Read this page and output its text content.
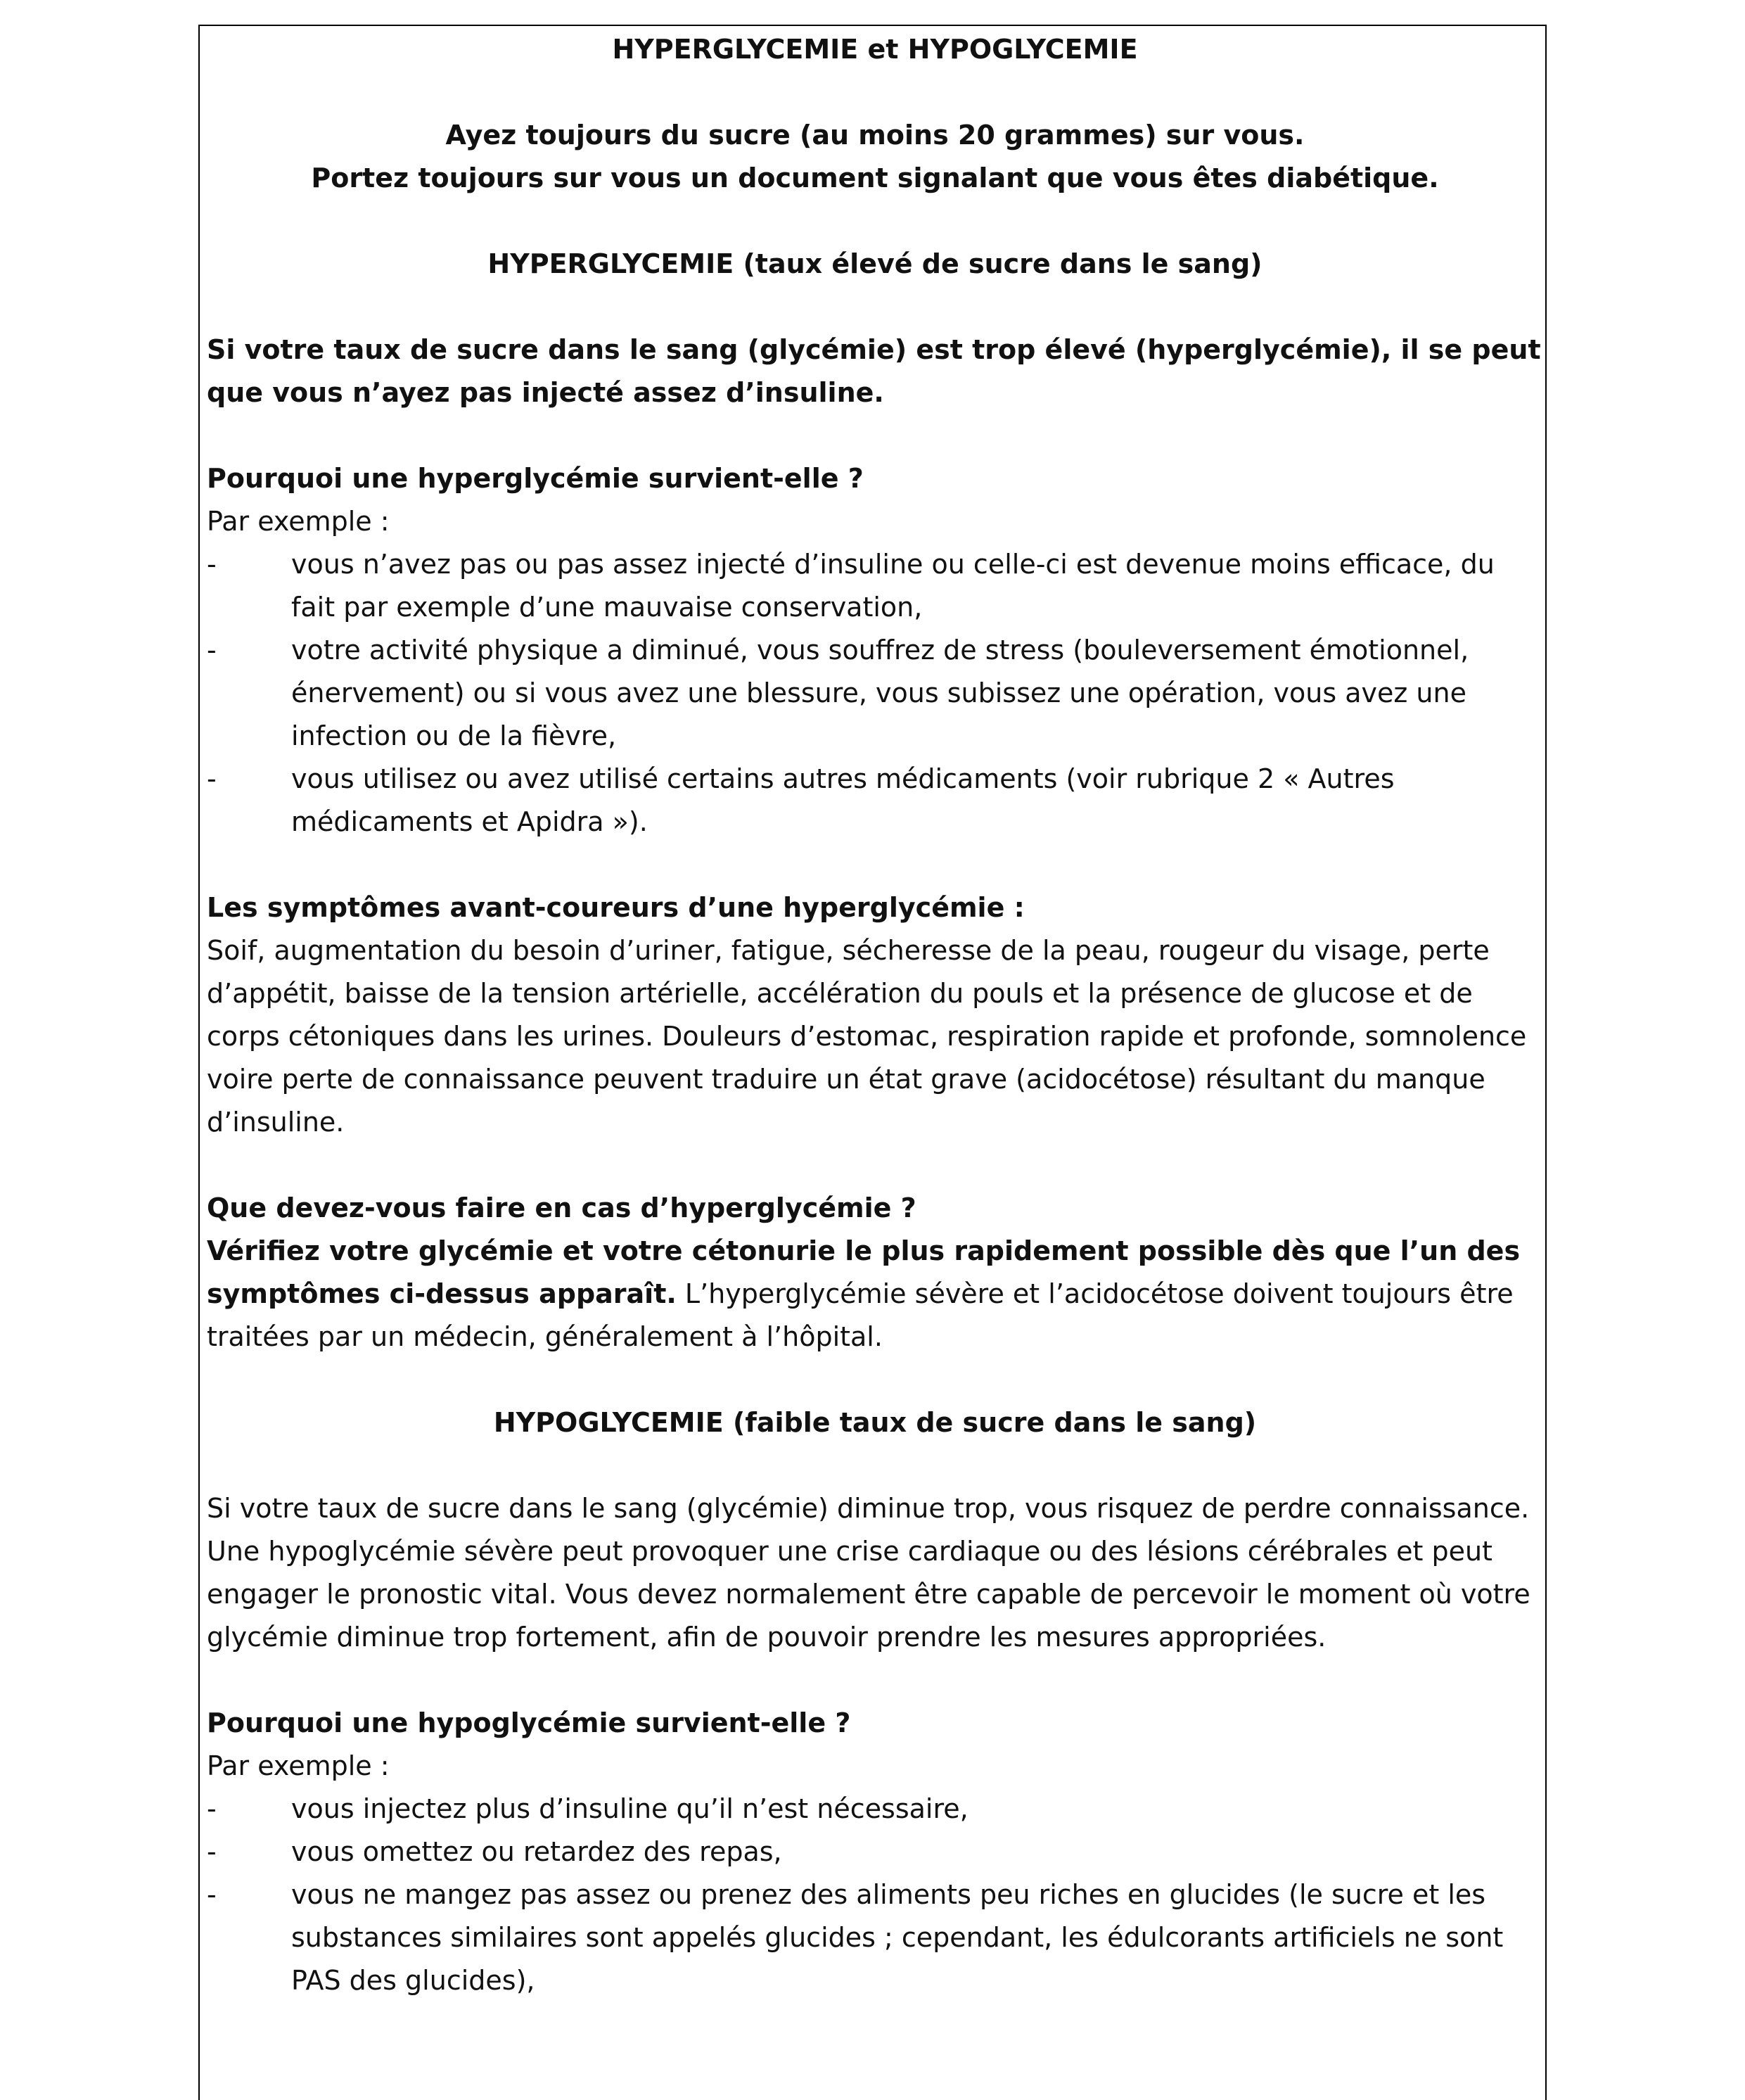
HYPERGLYCEMIE et HYPOGLYCEMIE

Ayez toujours du sucre (au moins 20 grammes) sur vous.

Portez toujours sur vous un document signalant que vous êtes diabétique.

HYPERGLYCEMIE (taux élevé de sucre dans le sang)

Si votre taux de sucre dans le sang (glycémie) est trop élevé (hyperglycémie), il se peut que vous n’ayez pas injecté assez d’insuline.

Pourquoi une hyperglycémie survient-elle ?

Par exemple :

-	vous n’avez pas ou pas assez injecté d’insuline ou celle-ci est devenue moins efficace, du fait par exemple d’une mauvaise conservation,

-	votre activité physique a diminué, vous souffrez de stress (bouleversement émotionnel, énervement) ou si vous avez une blessure, vous subissez une opération, vous avez une infection ou de la fièvre,

-	vous utilisez ou avez utilisé certains autres médicaments (voir rubrique 2 « Autres médicaments et Apidra »).

Les symptômes avant-coureurs d’une hyperglycémie :

Soif, augmentation du besoin d’uriner, fatigue, sécheresse de la peau, rougeur du visage, perte d’appétit, baisse de la tension artérielle, accélération du pouls et la présence de glucose et de corps cétoniques dans les urines. Douleurs d’estomac, respiration rapide et profonde, somnolence voire perte de connaissance peuvent traduire un état grave (acidocétose) résultant du manque d’insuline.

Que devez-vous faire en cas d’hyperglycémie ?

Vérifiez votre glycémie et votre cétonurie le plus rapidement possible dès que l’un des symptômes ci-dessus apparaît. L’hyperglycémie sévère et l’acidocétose doivent toujours être traitées par un médecin, généralement à l’hôpital.

HYPOGLYCEMIE (faible taux de sucre dans le sang)

Si votre taux de sucre dans le sang (glycémie) diminue trop, vous risquez de perdre connaissance. Une hypoglycémie sévère peut provoquer une crise cardiaque ou des lésions cérébrales et peut engager le pronostic vital. Vous devez normalement être capable de percevoir le moment où votre glycémie diminue trop fortement, afin de pouvoir prendre les mesures appropriées.

Pourquoi une hypoglycémie survient-elle ?

Par exemple :

-	vous injectez plus d’insuline qu’il n’est nécessaire,

-	vous omettez ou retardez des repas,

-	vous ne mangez pas assez ou prenez des aliments peu riches en glucides (le sucre et les substances similaires sont appelés glucides ; cependant, les édulcorants artificiels ne sont PAS des glucides),
